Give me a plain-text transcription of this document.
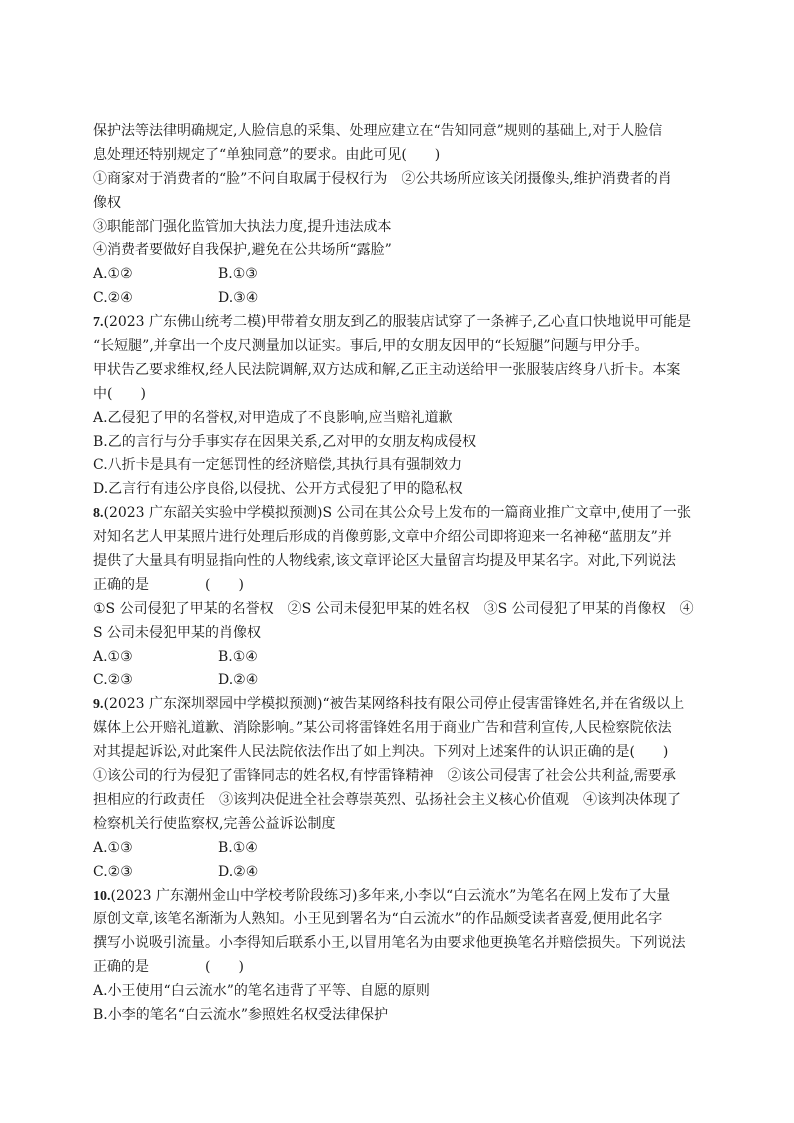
保护法等法律明确规定,人脸信息的采集、处理应建立在“告知同意”规则的基础上,对于人脸信
息处理还特别规定了“单独同意”的要求。由此可见(　　)
①商家对于消费者的“脸”不问自取属于侵权行为　②公共场所应该关闭摄像头,维护消费者的肖
像权
③职能部门强化监管加大执法力度,提升违法成本
④消费者要做好自我保护,避免在公共场所“露脸”
A.①②	B.①③
C.②④	D.③④
7.(2023 广东佛山统考二模)甲带着女朋友到乙的服装店试穿了一条裤子,乙心直口快地说甲可能是
“长短腿”,并拿出一个皮尺测量加以证实。事后,甲的女朋友因甲的“长短腿”问题与甲分手。
甲状告乙要求维权,经人民法院调解,双方达成和解,乙正主动送给甲一张服装店终身八折卡。本案
中(　　)
A.乙侵犯了甲的名誉权,对甲造成了不良影响,应当赔礼道歉
B.乙的言行与分手事实存在因果关系,乙对甲的女朋友构成侵权
C.八折卡是具有一定惩罚性的经济赔偿,其执行具有强制效力
D.乙言行有违公序良俗,以侵扰、公开方式侵犯了甲的隐私权
8.(2023 广东韶关实验中学模拟预测)S 公司在其公众号上发布的一篇商业推广文章中,使用了一张
对知名艺人甲某照片进行处理后形成的肖像剪影,文章中介绍公司即将迎来一名神秘“蓝朋友”并
提供了大量具有明显指向性的人物线索,该文章评论区大量留言均提及甲某名字。对此,下列说法
正确的是　　　　(　　)
①S 公司侵犯了甲某的名誉权　②S 公司未侵犯甲某的姓名权　③S 公司侵犯了甲某的肖像权　④
S 公司未侵犯甲某的肖像权
A.①③	B.①④
C.②③	D.②④
9.(2023 广东深圳翠园中学模拟预测)“被告某网络科技有限公司停止侵害雷锋姓名,并在省级以上
媒体上公开赔礼道歉、消除影响。”某公司将雷锋姓名用于商业广告和营利宣传,人民检察院依法
对其提起诉讼,对此案件人民法院依法作出了如上判决。下列对上述案件的认识正确的是(　　)
①该公司的行为侵犯了雷锋同志的姓名权,有悖雷锋精神　②该公司侵害了社会公共利益,需要承
担相应的行政责任　③该判决促进全社会尊崇英烈、弘扬社会主义核心价值观　④该判决体现了
检察机关行使监察权,完善公益诉讼制度
A.①③	B.①④
C.②③	D.②④
10.(2023 广东潮州金山中学校考阶段练习)多年来,小李以“白云流水”为笔名在网上发布了大量
原创文章,该笔名渐渐为人熟知。小王见到署名为“白云流水”的作品颇受读者喜爱,便用此名字
撰写小说吸引流量。小李得知后联系小王,以冒用笔名为由要求他更换笔名并赔偿损失。下列说法
正确的是　　　　(　　)
A.小王使用“白云流水”的笔名违背了平等、自愿的原则
B.小李的笔名“白云流水”参照姓名权受法律保护
